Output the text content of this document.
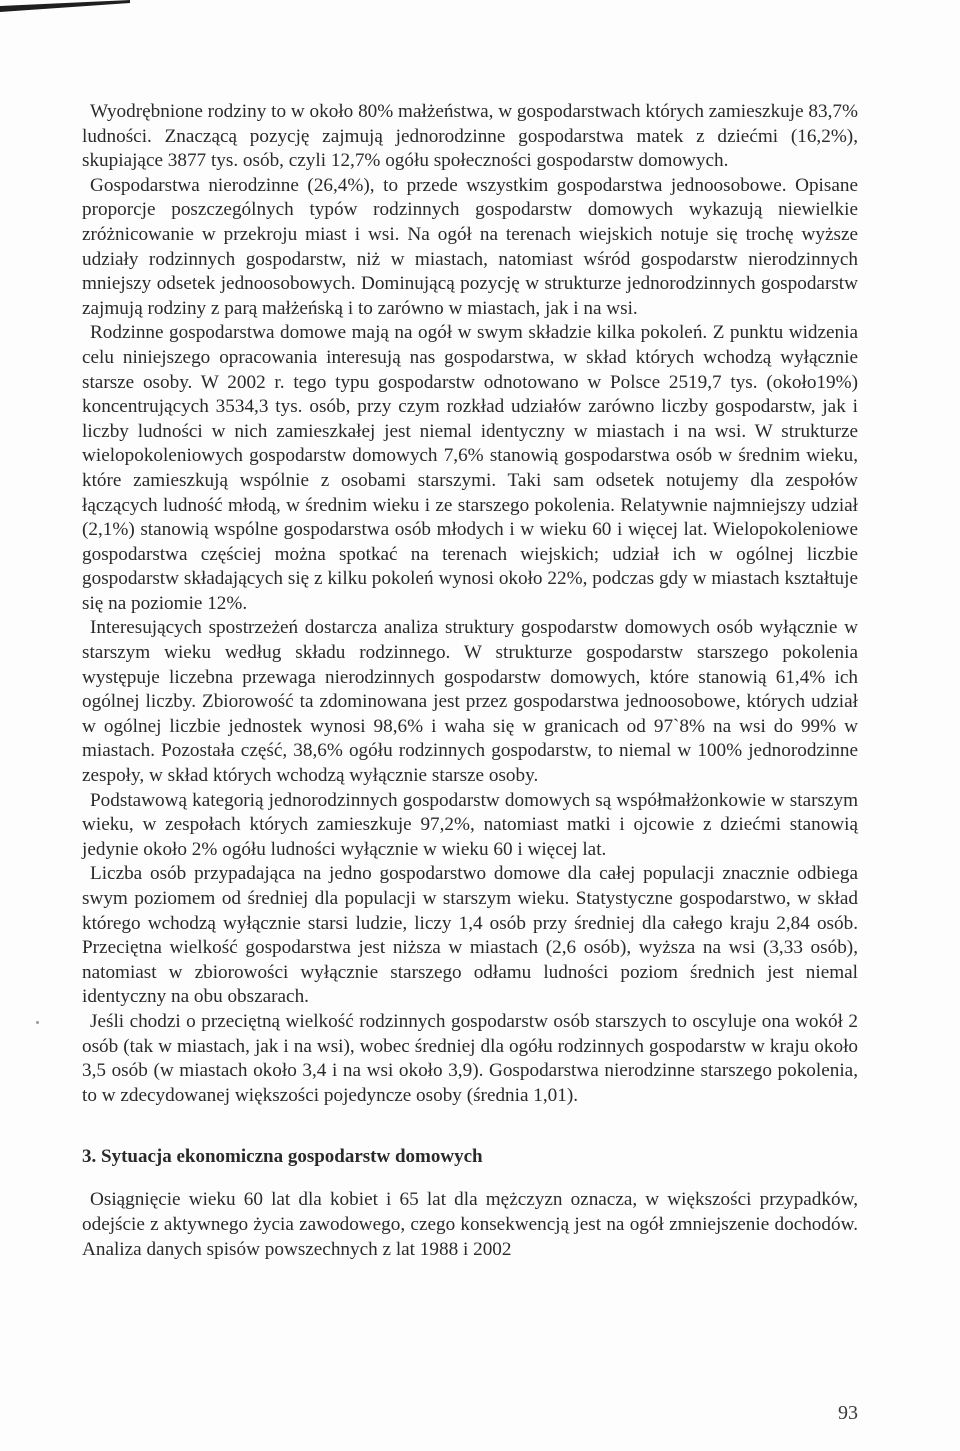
Wyodrębnione rodziny to w około 80% małżeństwa, w gospodarstwach których zamieszkuje 83,7% ludności. Znaczącą pozycję zajmują jednorodzinne gospodarstwa matek z dziećmi (16,2%), skupiające 3877 tys. osób, czyli 12,7% ogółu społeczności gospodarstw domowych.

Gospodarstwa nierodzinne (26,4%), to przede wszystkim gospodarstwa jednoosobowe. Opisane proporcje poszczególnych typów rodzinnych gospodarstw domowych wykazują niewielkie zróżnicowanie w przekroju miast i wsi. Na ogół na terenach wiejskich notuje się trochę wyższe udziały rodzinnych gospodarstw, niż w miastach, natomiast wśród gospodarstw nierodzinnych mniejszy odsetek jednoosobowych. Dominującą pozycję w strukturze jednorodzinnych gospodarstw zajmują rodziny z parą małżeńską i to zarówno w miastach, jak i na wsi.

Rodzinne gospodarstwa domowe mają na ogół w swym składzie kilka pokoleń. Z punktu widzenia celu niniejszego opracowania interesują nas gospodarstwa, w skład których wchodzą wyłącznie starsze osoby. W 2002 r. tego typu gospodarstw odnotowano w Polsce 2519,7 tys. (około19%) koncentrujących 3534,3 tys. osób, przy czym rozkład udziałów zarówno liczby gospodarstw, jak i liczby ludności w nich zamieszkałej jest niemal identyczny w miastach i na wsi. W strukturze wielopokoleniowych gospodarstw domowych 7,6% stanowią gospodarstwa osób w średnim wieku, które zamieszkują wspólnie z osobami starszymi. Taki sam odsetek notujemy dla zespołów łączących ludność młodą, w średnim wieku i ze starszego pokolenia. Relatywnie najmniejszy udział (2,1%) stanowią wspólne gospodarstwa osób młodych i w wieku 60 i więcej lat. Wielopokoleniowe gospodarstwa częściej można spotkać na terenach wiejskich; udział ich w ogólnej liczbie gospodarstw składających się z kilku pokoleń wynosi około 22%, podczas gdy w miastach kształtuje się na poziomie 12%.

Interesujących spostrzeżeń dostarcza analiza struktury gospodarstw domowych osób wyłącznie w starszym wieku według składu rodzinnego. W strukturze gospodarstw starszego pokolenia występuje liczebna przewaga nierodzinnych gospodarstw domowych, które stanowią 61,4% ich ogólnej liczby. Zbiorowość ta zdominowana jest przez gospodarstwa jednoosobowe, których udział w ogólnej liczbie jednostek wynosi 98,6% i waha się w granicach od 97`8% na wsi do 99% w miastach. Pozostała część, 38,6% ogółu rodzinnych gospodarstw, to niemal w 100% jednorodzinne zespoły, w skład których wchodzą wyłącznie starsze osoby.

Podstawową kategorią jednorodzinnych gospodarstw domowych są współmałżonkowie w starszym wieku, w zespołach których zamieszkuje 97,2%, natomiast matki i ojcowie z dziećmi stanowią jedynie około 2% ogółu ludności wyłącznie w wieku 60 i więcej lat.

Liczba osób przypadająca na jedno gospodarstwo domowe dla całej populacji znacznie odbiega swym poziomem od średniej dla populacji w starszym wieku. Statystyczne gospodarstwo, w skład którego wchodzą wyłącznie starsi ludzie, liczy 1,4 osób przy średniej dla całego kraju 2,84 osób. Przeciętna wielkość gospodarstwa jest niższa w miastach (2,6 osób), wyższa na wsi (3,33 osób), natomiast w zbiorowości wyłącznie starszego odłamu ludności poziom średnich jest niemal identyczny na obu obszarach.

Jeśli chodzi o przeciętną wielkość rodzinnych gospodarstw osób starszych to oscyluje ona wokół 2 osób (tak w miastach, jak i na wsi), wobec średniej dla ogółu rodzinnych gospodarstw w kraju około 3,5 osób (w miastach około 3,4 i na wsi około 3,9). Gospodarstwa nierodzinne starszego pokolenia, to w zdecydowanej większości pojedyncze osoby (średnia 1,01).

3. Sytuacja ekonomiczna gospodarstw domowych

Osiągnięcie wieku 60 lat dla kobiet i 65 lat dla mężczyzn oznacza, w większości przypadków, odejście z aktywnego życia zawodowego, czego konsekwencją jest na ogół zmniejszenie dochodów. Analiza danych spisów powszechnych z lat 1988 i 2002

93
